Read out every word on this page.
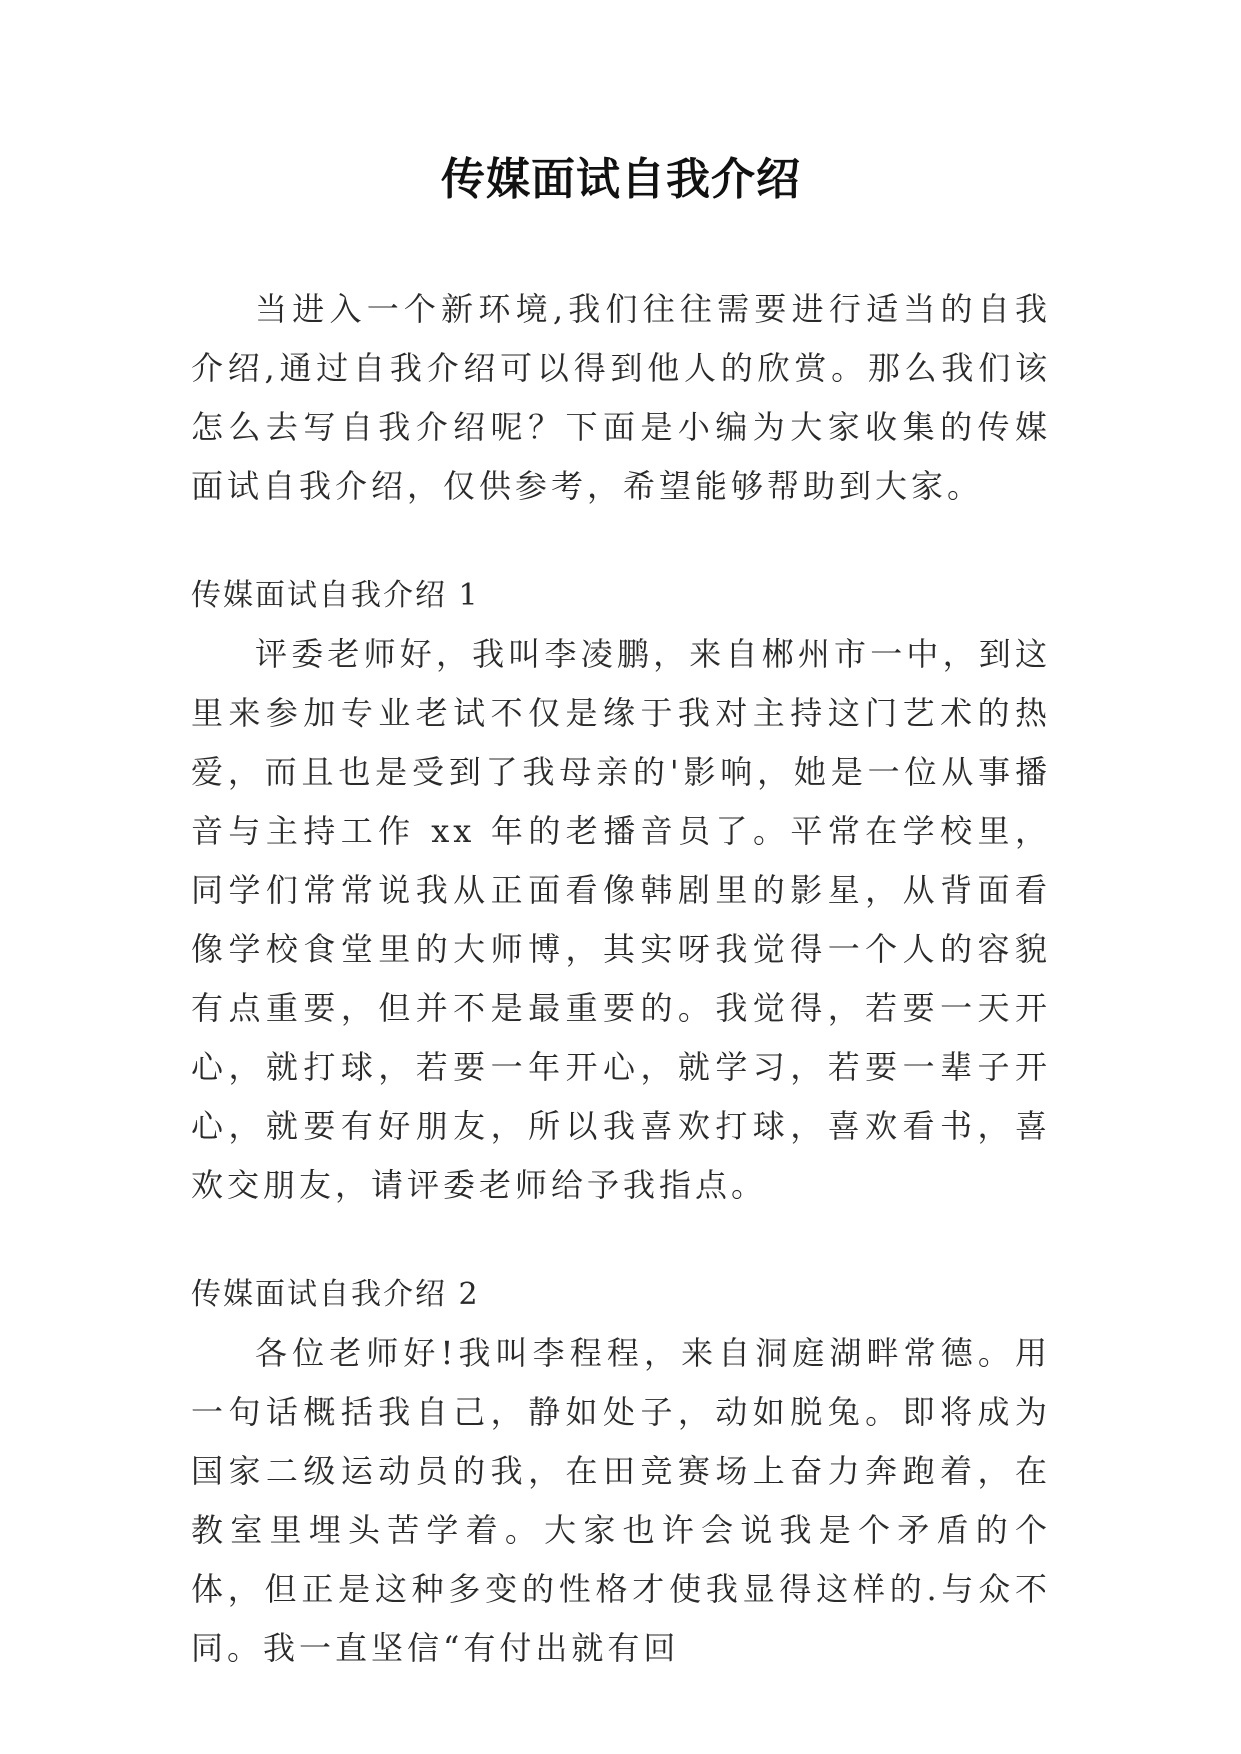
传媒面试自我介绍

当进入一个新环境,我们往往需要进行适当的自我介绍,通过自我介绍可以得到他人的欣赏。那么我们该怎么去写自我介绍呢？下面是小编为大家收集的传媒面试自我介绍，仅供参考，希望能够帮助到大家。

传媒面试自我介绍 1

评委老师好，我叫李凌鹏，来自郴州市一中，到这里来参加专业老试不仅是缘于我对主持这门艺术的热爱，而且也是受到了我母亲的'影响，她是一位从事播音与主持工作 xx 年的老播音员了。平常在学校里，同学们常常说我从正面看像韩剧里的影星，从背面看像学校食堂里的大师博，其实呀我觉得一个人的容貌有点重要，但并不是最重要的。我觉得，若要一天开心，就打球，若要一年开心，就学习，若要一辈子开心，就要有好朋友，所以我喜欢打球，喜欢看书，喜欢交朋友，请评委老师给予我指点。

传媒面试自我介绍 2

各位老师好!我叫李程程，来自洞庭湖畔常德。用一句话概括我自己，静如处子，动如脱兔。即将成为国家二级运动员的我，在田竞赛场上奋力奔跑着，在教室里埋头苦学着。大家也许会说我是个矛盾的个体，但正是这种多变的性格才使我显得这样的.与众不同。我一直坚信“有付出就有回
